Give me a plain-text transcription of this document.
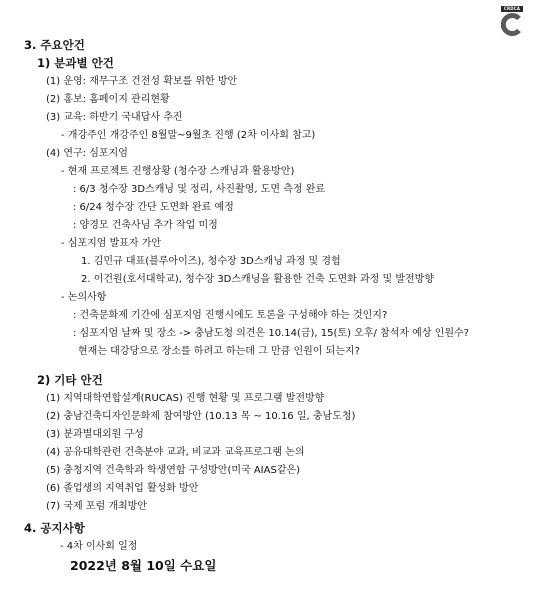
CRDCA
3. 주요안건
1) 분과별 안건
(1) 운영: 재무구조 건전성 확보를 위한 방안
(2) 홍보: 홈페이지 관리현황
(3) 교육: 하반기 국내답사 추진
- 개강주인 개강주인 8월말~9월초 진행 (2차 이사회 참고)
(4) 연구: 심포지엄
- 현재 프로젝트 진행상황 (청수장 스캐닝과 활용방안)
: 6/3 청수장 3D스캐닝 및 정리, 사진촬영, 도면 측정 완료
: 6/24 청수장 간단 도면화 완료 예정
: 양경모 건축사님 추가 작업 미정
- 심포지엄 발표자 가안
1. 김민규 대표(블루아이즈), 청수장 3D스캐닝 과정 및 경험
2. 이건원(호서대학교), 청수장 3D스캐닝을 활용한 건축 도면화 과정 및 발전방향
- 논의사항
: 건축문화제 기간에 심포지엄 진행시에도 토론을 구성해야 하는 것인지?
: 심포지엄 날짜 및 장소 -> 충남도청 의견은 10.14(금), 15(토) 오후/ 참석자 예상 인원수?
현재는 대강당으로 장소를 하려고 하는데 그 만큼 인원이 되는지?
2) 기타 안건
(1) 지역대학연합설계(RUCAS) 진행 현황 및 프로그램 발전방향
(2) 충남건축디자인문화제 참여방안 (10.13 목 ~ 10.16 일, 충남도청)
(3) 분과별대외원 구성
(4) 공유대학관련 건축분야 교과, 비교과 교육프로그램 논의
(5) 충청지역 건축학과 학생연합 구성방안(미국 AIAS같은)
(6) 졸업생의 지역취업 활성화 방안
(7) 국제 포럼 개최방안
4. 공지사항
- 4차 이사회 일정
2022년 8월 10일 수요일
